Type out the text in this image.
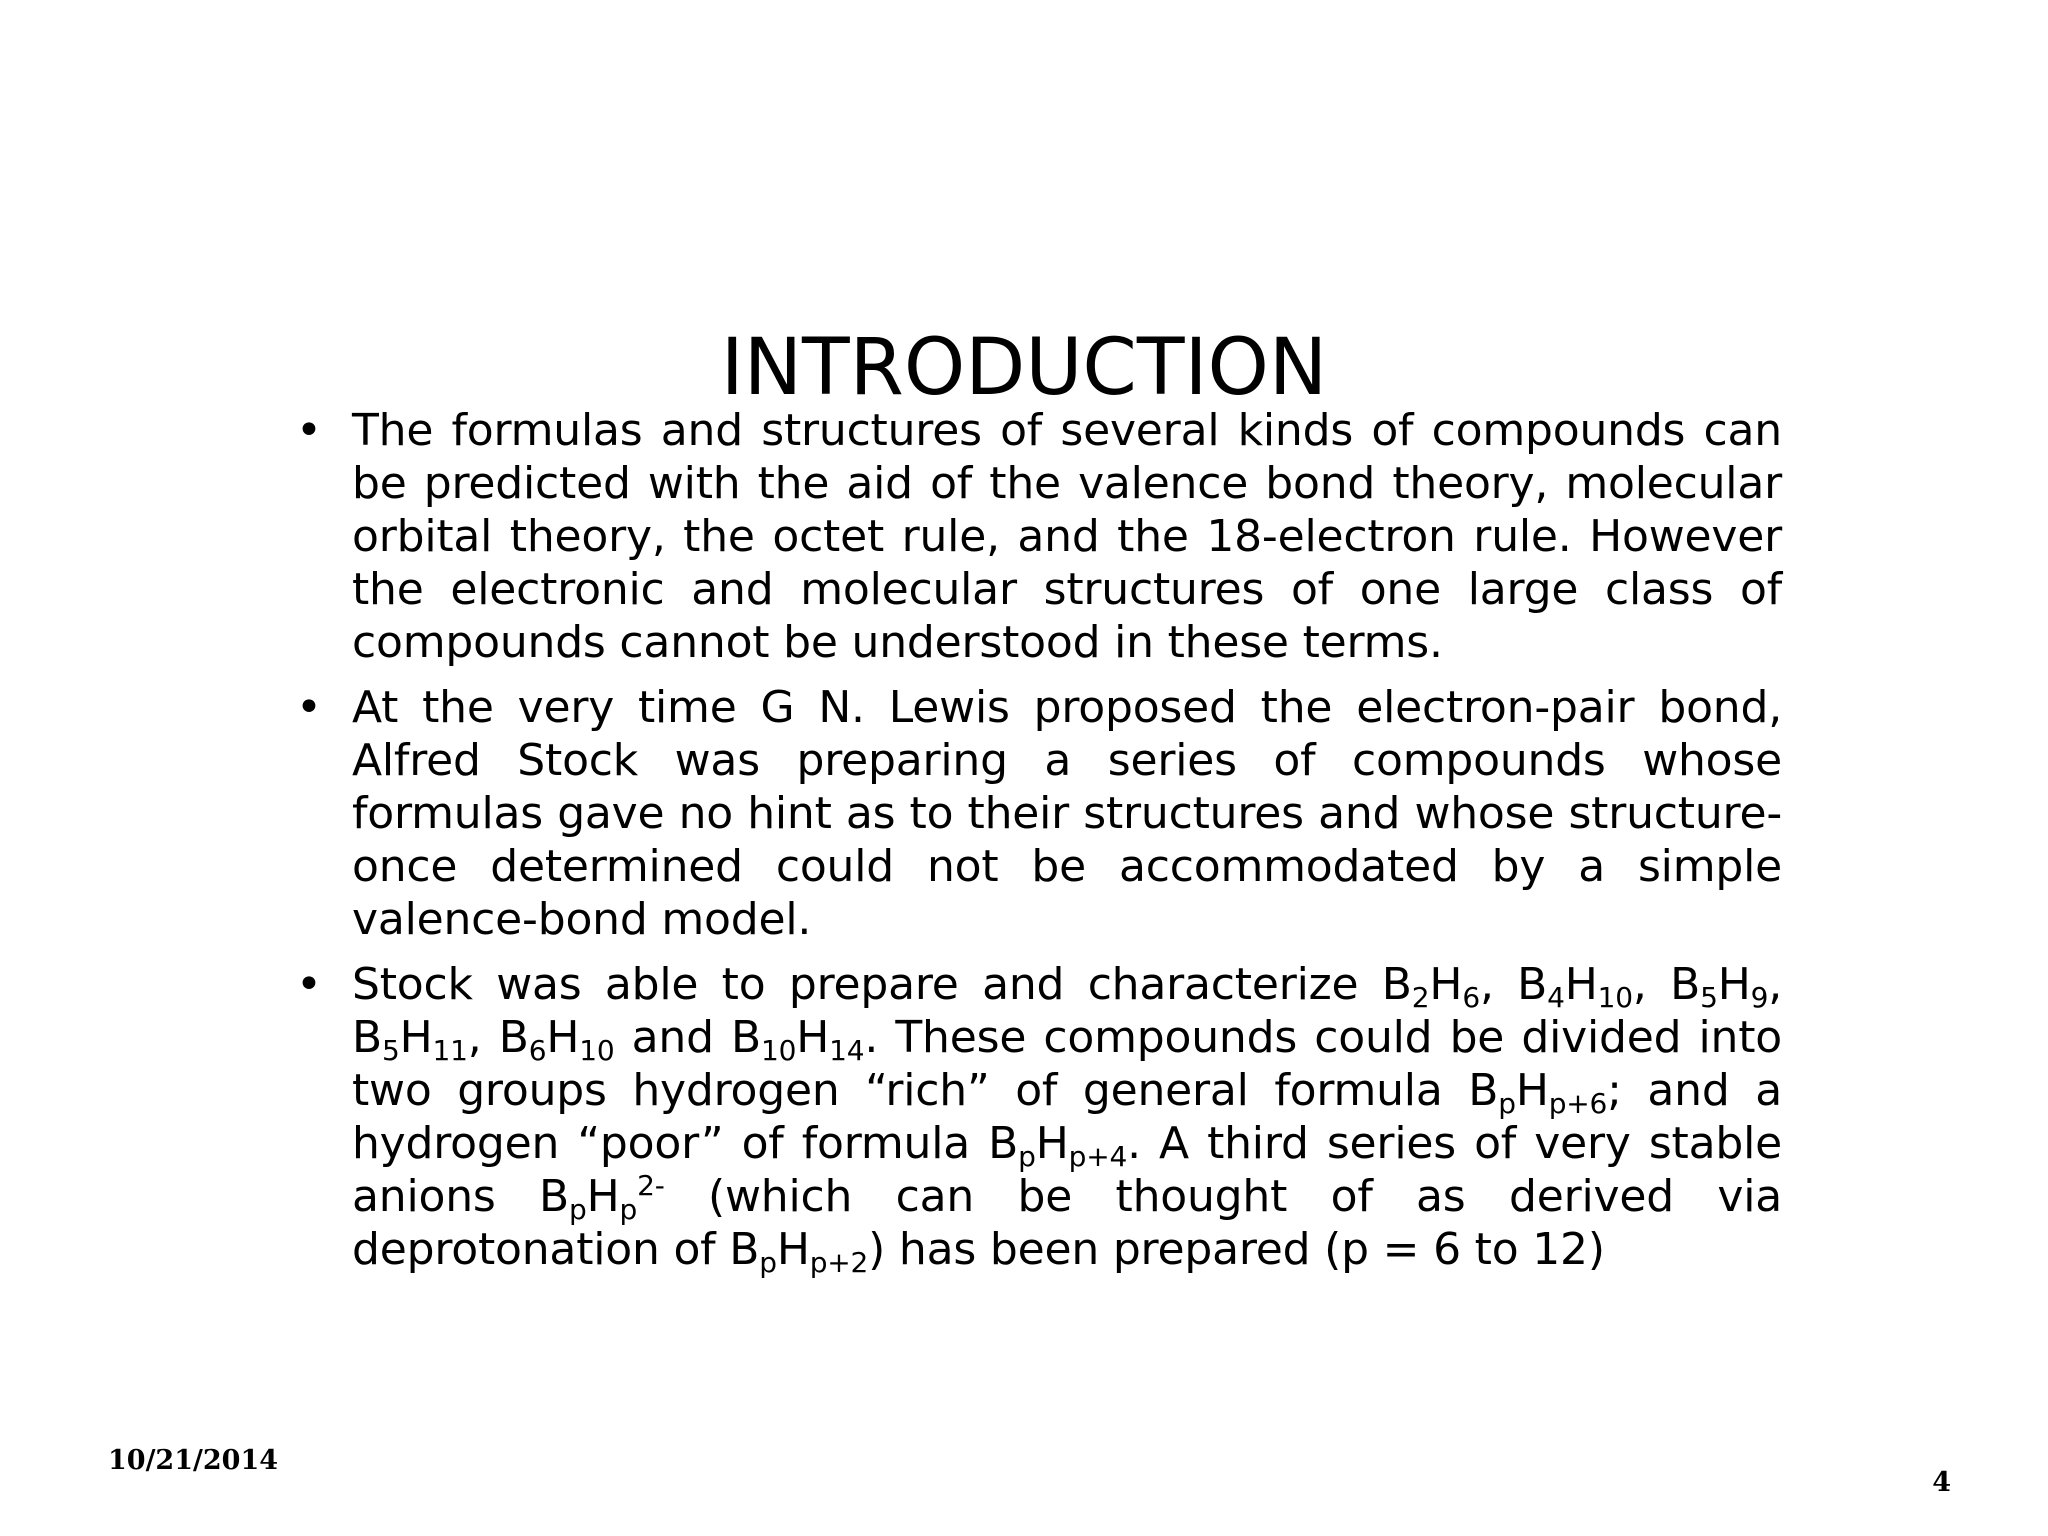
INTRODUCTION
• The formulas and structures of several kinds of compounds can be predicted with the aid of the valence bond theory, molecular orbital theory, the octet rule, and the 18-electron rule. However the electronic and molecular structures of one large class of compounds cannot be understood in these terms.
• At the very time G N. Lewis proposed the electron-pair bond, Alfred Stock was preparing a series of compounds whose formulas gave no hint as to their structures and whose structure- once determined could not be accommodated by a simple valence-bond model.
• Stock was able to prepare and characterize $B_2H_6$, $B_4H_{10}$, $B_5H_9$, $B_5H_{11}$, $B_6H_{10}$ and $B_{10}H_{14}$. These compounds could be divided into two groups hydrogen “rich” of general formula $B_pH_{p+6}$; and a hydrogen “poor” of formula $B_pH_{p+4}$. A third series of very stable anions $B_pH_p^{2-}$ (which can be thought of as derived via deprotonation of $B_pH_{p+2}$) has been prepared (p = 6 to 12)
10/21/2014
4
